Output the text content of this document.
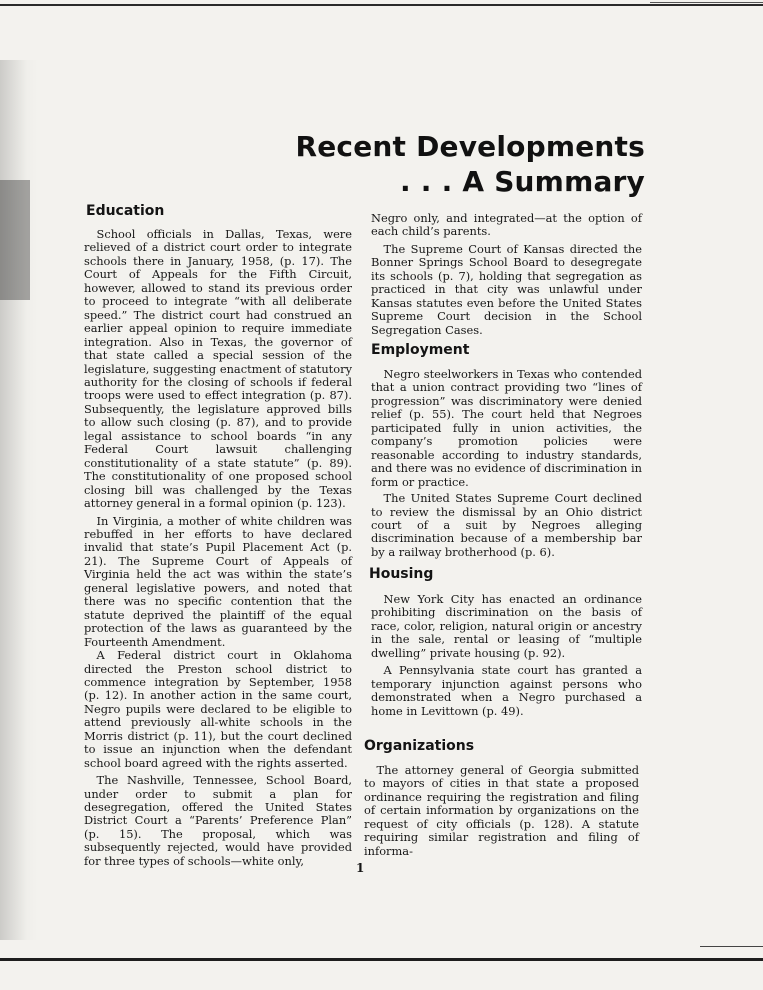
Recent Developments
. . . A Summary
Education

School officials in Dallas, Texas, were relieved of a district court order to integrate schools there in January, 1958, (p. 17). The Court of Appeals for the Fifth Circuit, however, allowed to stand its previous order to proceed to integrate “with all deliberate speed.” The district court had construed an earlier appeal opinion to require immediate integration. Also in Texas, the governor of that state called a special session of the legislature, suggesting enactment of statutory authority for the closing of schools if federal troops were used to effect integration (p. 87). Subsequently, the legislature approved bills to allow such closing (p. 87), and to provide legal assistance to school boards “in any Federal Court lawsuit challenging constitutionality of a state statute” (p. 89). The constitutionality of one proposed school closing bill was challenged by the Texas attorney general in a formal opinion (p. 123).

In Virginia, a mother of white children was rebuffed in her efforts to have declared invalid that state’s Pupil Placement Act (p. 21). The Supreme Court of Appeals of Virginia held the act was within the state’s general legislative powers, and noted that there was no specific contention that the statute deprived the plaintiff of the equal protection of the laws as guaranteed by the Fourteenth Amendment.

A Federal district court in Oklahoma directed the Preston school district to commence integration by September, 1958 (p. 12). In another action in the same court, Negro pupils were declared to be eligible to attend previously all-white schools in the Morris district (p. 11), but the court declined to issue an injunction when the defendant school board agreed with the rights asserted.

The Nashville, Tennessee, School Board, under order to submit a plan for desegregation, offered the United States District Court a “Parents’ Preference Plan” (p. 15). The proposal, which was subsequently rejected, would have provided for three types of schools—white only,

Negro only, and integrated—at the option of each child’s parents.

The Supreme Court of Kansas directed the Bonner Springs School Board to desegregate its schools (p. 7), holding that segregation as practiced in that city was unlawful under Kansas statutes even before the United States Supreme Court decision in the School Segregation Cases.

Employment

Negro steelworkers in Texas who contended that a union contract providing two “lines of progression” was discriminatory were denied relief (p. 55). The court held that Negroes participated fully in union activities, the company’s promotion policies were reasonable according to industry standards, and there was no evidence of discrimination in form or practice.

The United States Supreme Court declined to review the dismissal by an Ohio district court of a suit by Negroes alleging discrimination because of a membership bar by a railway brotherhood (p. 6).

Housing

New York City has enacted an ordinance prohibiting discrimination on the basis of race, color, religion, natural origin or ancestry in the sale, rental or leasing of “multiple dwelling” private housing (p. 92).

A Pennsylvania state court has granted a temporary injunction against persons who demonstrated when a Negro purchased a home in Levittown (p. 49).

Organizations

The attorney general of Georgia submitted to mayors of cities in that state a proposed ordinance requiring the registration and filing of certain information by organizations on the request of city officials (p. 128). A statute requiring similar registration and filing of informa-

1
